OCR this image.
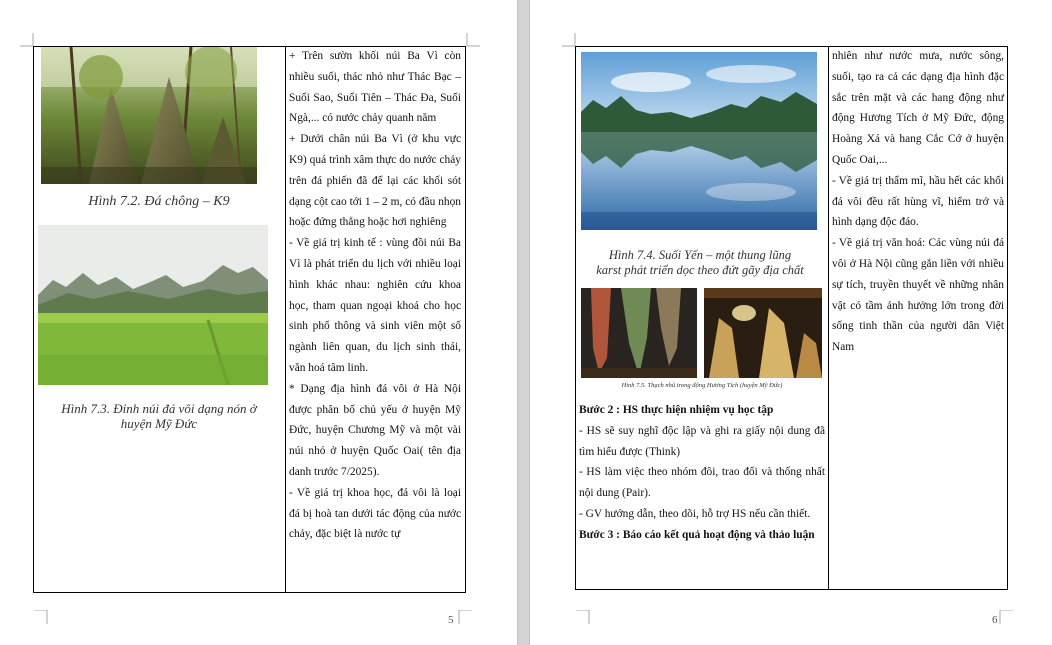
Hình 7.2. Đá chông – K9
Hình 7.3. Đỉnh núi đá vôi dạng nón ở huyện Mỹ Đức

+ Trên sườn khối núi Ba Vì còn nhiều suối, thác nhỏ như Thác Bạc – Suối Sao, Suối Tiên – Thác Đa, Suối Ngà,... có nước chảy quanh năm

+ Dưới chân núi Ba Vì (ở khu vực K9) quá trình xâm thực do nước chảy trên đá phiến đã để lại các khối sót dạng cột cao tới 1 – 2 m, có đầu nhọn hoặc đứng thẳng hoặc hơi nghiêng

- Về giá trị kinh tế : vùng đồi núi Ba Vì là phát triển du lịch với nhiều loại hình khác nhau: nghiên cứu khoa học, tham quan ngoại khoá cho học sinh phổ thông và sinh viên một số ngành liên quan, du lịch sinh thái, văn hoá tâm linh.

* Dạng địa hình đá vôi ở Hà Nội được phân bố chủ yếu ở huyện Mỹ Đức, huyện Chương Mỹ và một vài núi nhỏ ở huyện Quốc Oai( tên địa danh trước 7/2025).

- Về giá trị khoa học, đá vôi là loại đá bị hoà tan dưới tác động của nước chảy, đặc biệt là nước tự

5
Hình 7.4. Suối Yến – một thung lũng
karst phát triển dọc theo đứt gãy địa chất
Hình 7.5. Thạch nhũ trong động Hương Tích (huyện Mỹ Đức)

Bước 2 : HS thực hiện nhiệm vụ học tập

- HS sẽ suy nghĩ độc lập và ghi ra giấy nội dung đã tìm hiểu được (Think)

- HS làm việc theo nhóm đôi, trao đổi và thống nhất nội dung (Pair).

- GV hướng dẫn, theo dõi, hỗ trợ HS nếu cần thiết.

Bước 3 : Báo cáo kết quả hoạt động và thảo luận

nhiên như nước mưa, nước sông, suối, tạo ra cả các dạng địa hình đặc sắc trên mặt và các hang động như động Hương Tích ở Mỹ Đức, động Hoàng Xá và hang Cắc Cớ ở huyện Quốc Oai,...

- Về giá trị thẩm mĩ, hầu hết các khối đá vôi đều rất hùng vĩ, hiểm trở và hình dạng độc đáo.

- Về giá trị văn hoá: Các vùng núi đá vôi ở Hà Nội cũng gắn liền với nhiều sự tích, truyền thuyết về những nhân vật có tầm ảnh hưởng lớn trong đời sống tinh thần của người dân Việt Nam

6
